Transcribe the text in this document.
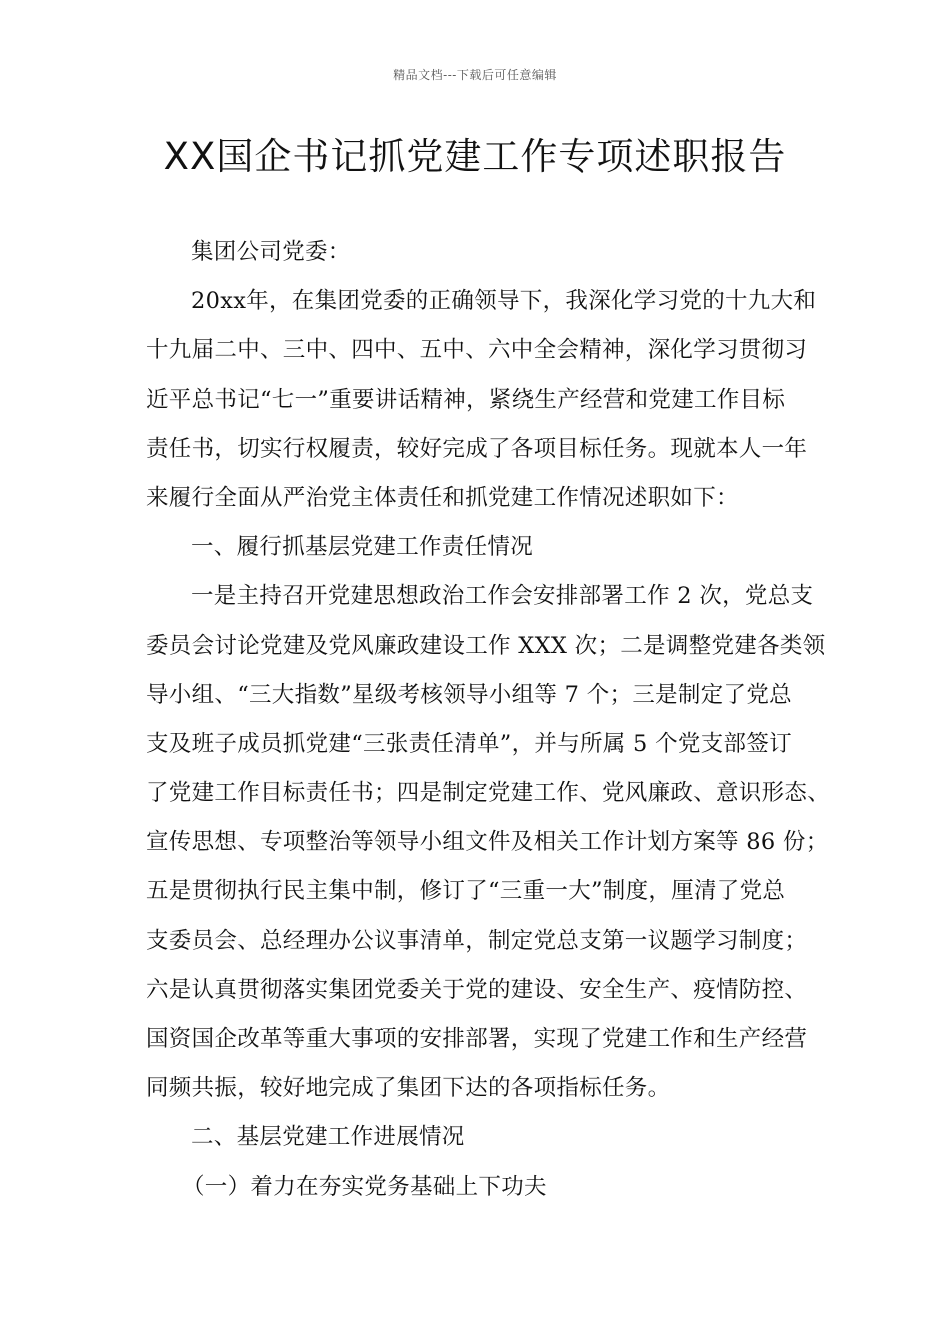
精品文档---下载后可任意编辑
XX国企书记抓党建工作专项述职报告
集团公司党委：
20xx年，在集团党委的正确领导下，我深化学习党的十九大和
十九届二中、三中、四中、五中、六中全会精神，深化学习贯彻习
近平总书记“七一”重要讲话精神，紧绕生产经营和党建工作目标
责任书，切实行权履责，较好完成了各项目标任务。现就本人一年
来履行全面从严治党主体责任和抓党建工作情况述职如下：
一、履行抓基层党建工作责任情况
一是主持召开党建思想政治工作会安排部署工作 2 次，党总支
委员会讨论党建及党风廉政建设工作 XXX 次；二是调整党建各类领
导小组、“三大指数”星级考核领导小组等 7 个；三是制定了党总
支及班子成员抓党建“三张责任清单”，并与所属 5 个党支部签订
了党建工作目标责任书；四是制定党建工作、党风廉政、意识形态、
宣传思想、专项整治等领导小组文件及相关工作计划方案等 86 份；
五是贯彻执行民主集中制，修订了“三重一大”制度，厘清了党总
支委员会、总经理办公议事清单，制定党总支第一议题学习制度；
六是认真贯彻落实集团党委关于党的建设、安全生产、疫情防控、
国资国企改革等重大事项的安排部署，实现了党建工作和生产经营
同频共振，较好地完成了集团下达的各项指标任务。
二、基层党建工作进展情况
（一）着力在夯实党务基础上下功夫
